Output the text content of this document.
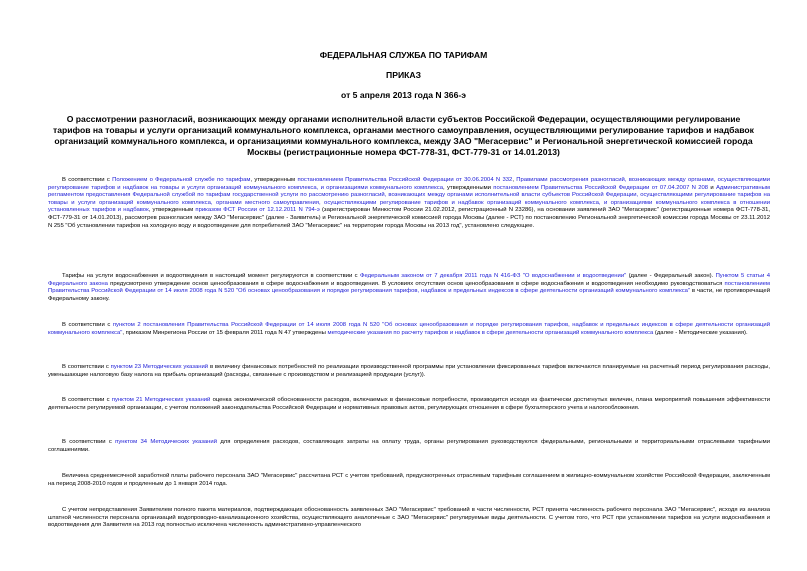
ФЕДЕРАЛЬНАЯ СЛУЖБА ПО ТАРИФАМ
ПРИКАЗ
от 5 апреля 2013 года N 366-э
О рассмотрении разногласий, возникающих между органами исполнительной власти субъектов Российской Федерации, осуществляющими регулирование тарифов на товары и услуги организаций коммунального комплекса, органами местного самоуправления, осуществляющими регулирование тарифов и надбавок организаций коммунального комплекса, и организациями коммунального комплекса, между ЗАО "Мегасервис" и Региональной энергетической комиссией города Москвы (регистрационные номера ФСТ-778-31, ФСТ-779-31 от 14.01.2013)
В соответствии с Положением о Федеральной службе по тарифам, утвержденным постановлением Правительства Российской Федерации от 30.06.2004 N 332, Правилами рассмотрения разногласий, возникающих между органами, осуществляющими регулирование тарифов и надбавок на товары и услуги организаций коммунального комплекса, и организациями коммунального комплекса, утвержденными постановлением Правительства Российской Федерации от 07.04.2007 N 208 и Административным регламентом предоставления Федеральной службой по тарифам государственной услуги по рассмотрению разногласий, возникающих между органами исполнительной власти субъектов Российской Федерации, осуществляющими регулирование тарифов на товары и услуги организаций коммунального комплекса, органами местного самоуправления, осуществляющими регулирование тарифов и надбавок организаций коммунального комплекса, и организациями коммунального комплекса в отношении установленных тарифов и надбавок, утвержденным приказом ФСТ России от 12.12.2011 N 794-э (зарегистрирован Минюстом России 21.02.2012, регистрационный N 23286), на основании заявлений ЗАО "Мегасервис" (регистрационные номера ФСТ-778-31, ФСТ-779-31 от 14.01.2013), рассмотрев разногласия между ЗАО "Мегасервис" (далее - Заявитель) и Региональной энергетической комиссией города Москвы (далее - РСТ) по постановлению Региональной энергетической комиссии города Москвы от 23.11.2012 N 255 "Об установлении тарифов на холодную воду и водоотведение для потребителей ЗАО "Мегасервис" на территории города Москвы на 2013 год", установлено следующее.
Тарифы на услуги водоснабжения и водоотведения в настоящий момент регулируются в соответствии с Федеральным законом от 7 декабря 2011 года N 416-ФЗ "О водоснабжении и водоотведении" (далее - Федеральный закон). Пунктом 5 статьи 4 Федерального закона предусмотрено утверждение основ ценообразования в сфере водоснабжения и водоотведения. В условиях отсутствия основ ценообразования в сфере водоснабжения и водоотведения необходимо руководствоваться постановлением Правительства Российской Федерации от 14 июля 2008 года N 520 "Об основах ценообразования и порядке регулирования тарифов, надбавок и предельных индексов в сфере деятельности организаций коммунального комплекса" в части, не противоречащей Федеральному закону.
В соответствии с пунктом 2 постановления Правительства Российской Федерации от 14 июля 2008 года N 520 "Об основах ценообразования и порядке регулирования тарифов, надбавок и предельных индексов в сфере деятельности организаций коммунального комплекса", приказом Минрегиона России от 15 февраля 2011 года N 47 утверждены методические указания по расчету тарифов и надбавок в сфере деятельности организаций коммунального комплекса (далее - Методические указания).
В соответствии с пунктом 23 Методических указаний в величину финансовых потребностей по реализации производственной программы при установлении фиксированных тарифов включаются планируемые на расчетный период регулирования расходы, уменьшающие налоговую базу налога на прибыль организаций (расходы, связанные с производством и реализацией продукции (услуг)).
В соответствии с пунктом 21 Методических указаний оценка экономической обоснованности расходов, включаемых в финансовые потребности, производится исходя из фактически достигнутых величин, плана мероприятий повышения эффективности деятельности регулируемой организации, с учетом положений законодательства Российской Федерации и нормативных правовых актов, регулирующих отношения в сфере бухгалтерского учета и налогообложения.
В соответствии с пунктом 34 Методических указаний для определения расходов, составляющих затраты на оплату труда, органы регулирования руководствуются федеральными, региональными и территориальными отраслевыми тарифными соглашениями.
Величина среднемесячной заработной платы рабочего персонала ЗАО "Мегасервис" рассчитана РСТ с учетом требований, предусмотренных отраслевым тарифным соглашением в жилищно-коммунальном хозяйстве Российской Федерации, заключенным на период 2008-2010 годов и продленным до 1 января 2014 года.
С учетом непредставления Заявителем полного пакета материалов, подтверждающих обоснованность заявленных ЗАО "Мегасервис" требований в части численности, РСТ принята численность рабочего персонала ЗАО "Мегасервис", исходя из анализа штатной численности персонала организаций водопроводно-канализационного хозяйства, осуществляющего аналогичные с ЗАО "Мегасервис" регулируемые виды деятельности. С учетом того, что РСТ при установлении тарифов на услуги водоснабжения и водоотведения для Заявителя на 2013 год полностью исключена численность административно-управленческого
